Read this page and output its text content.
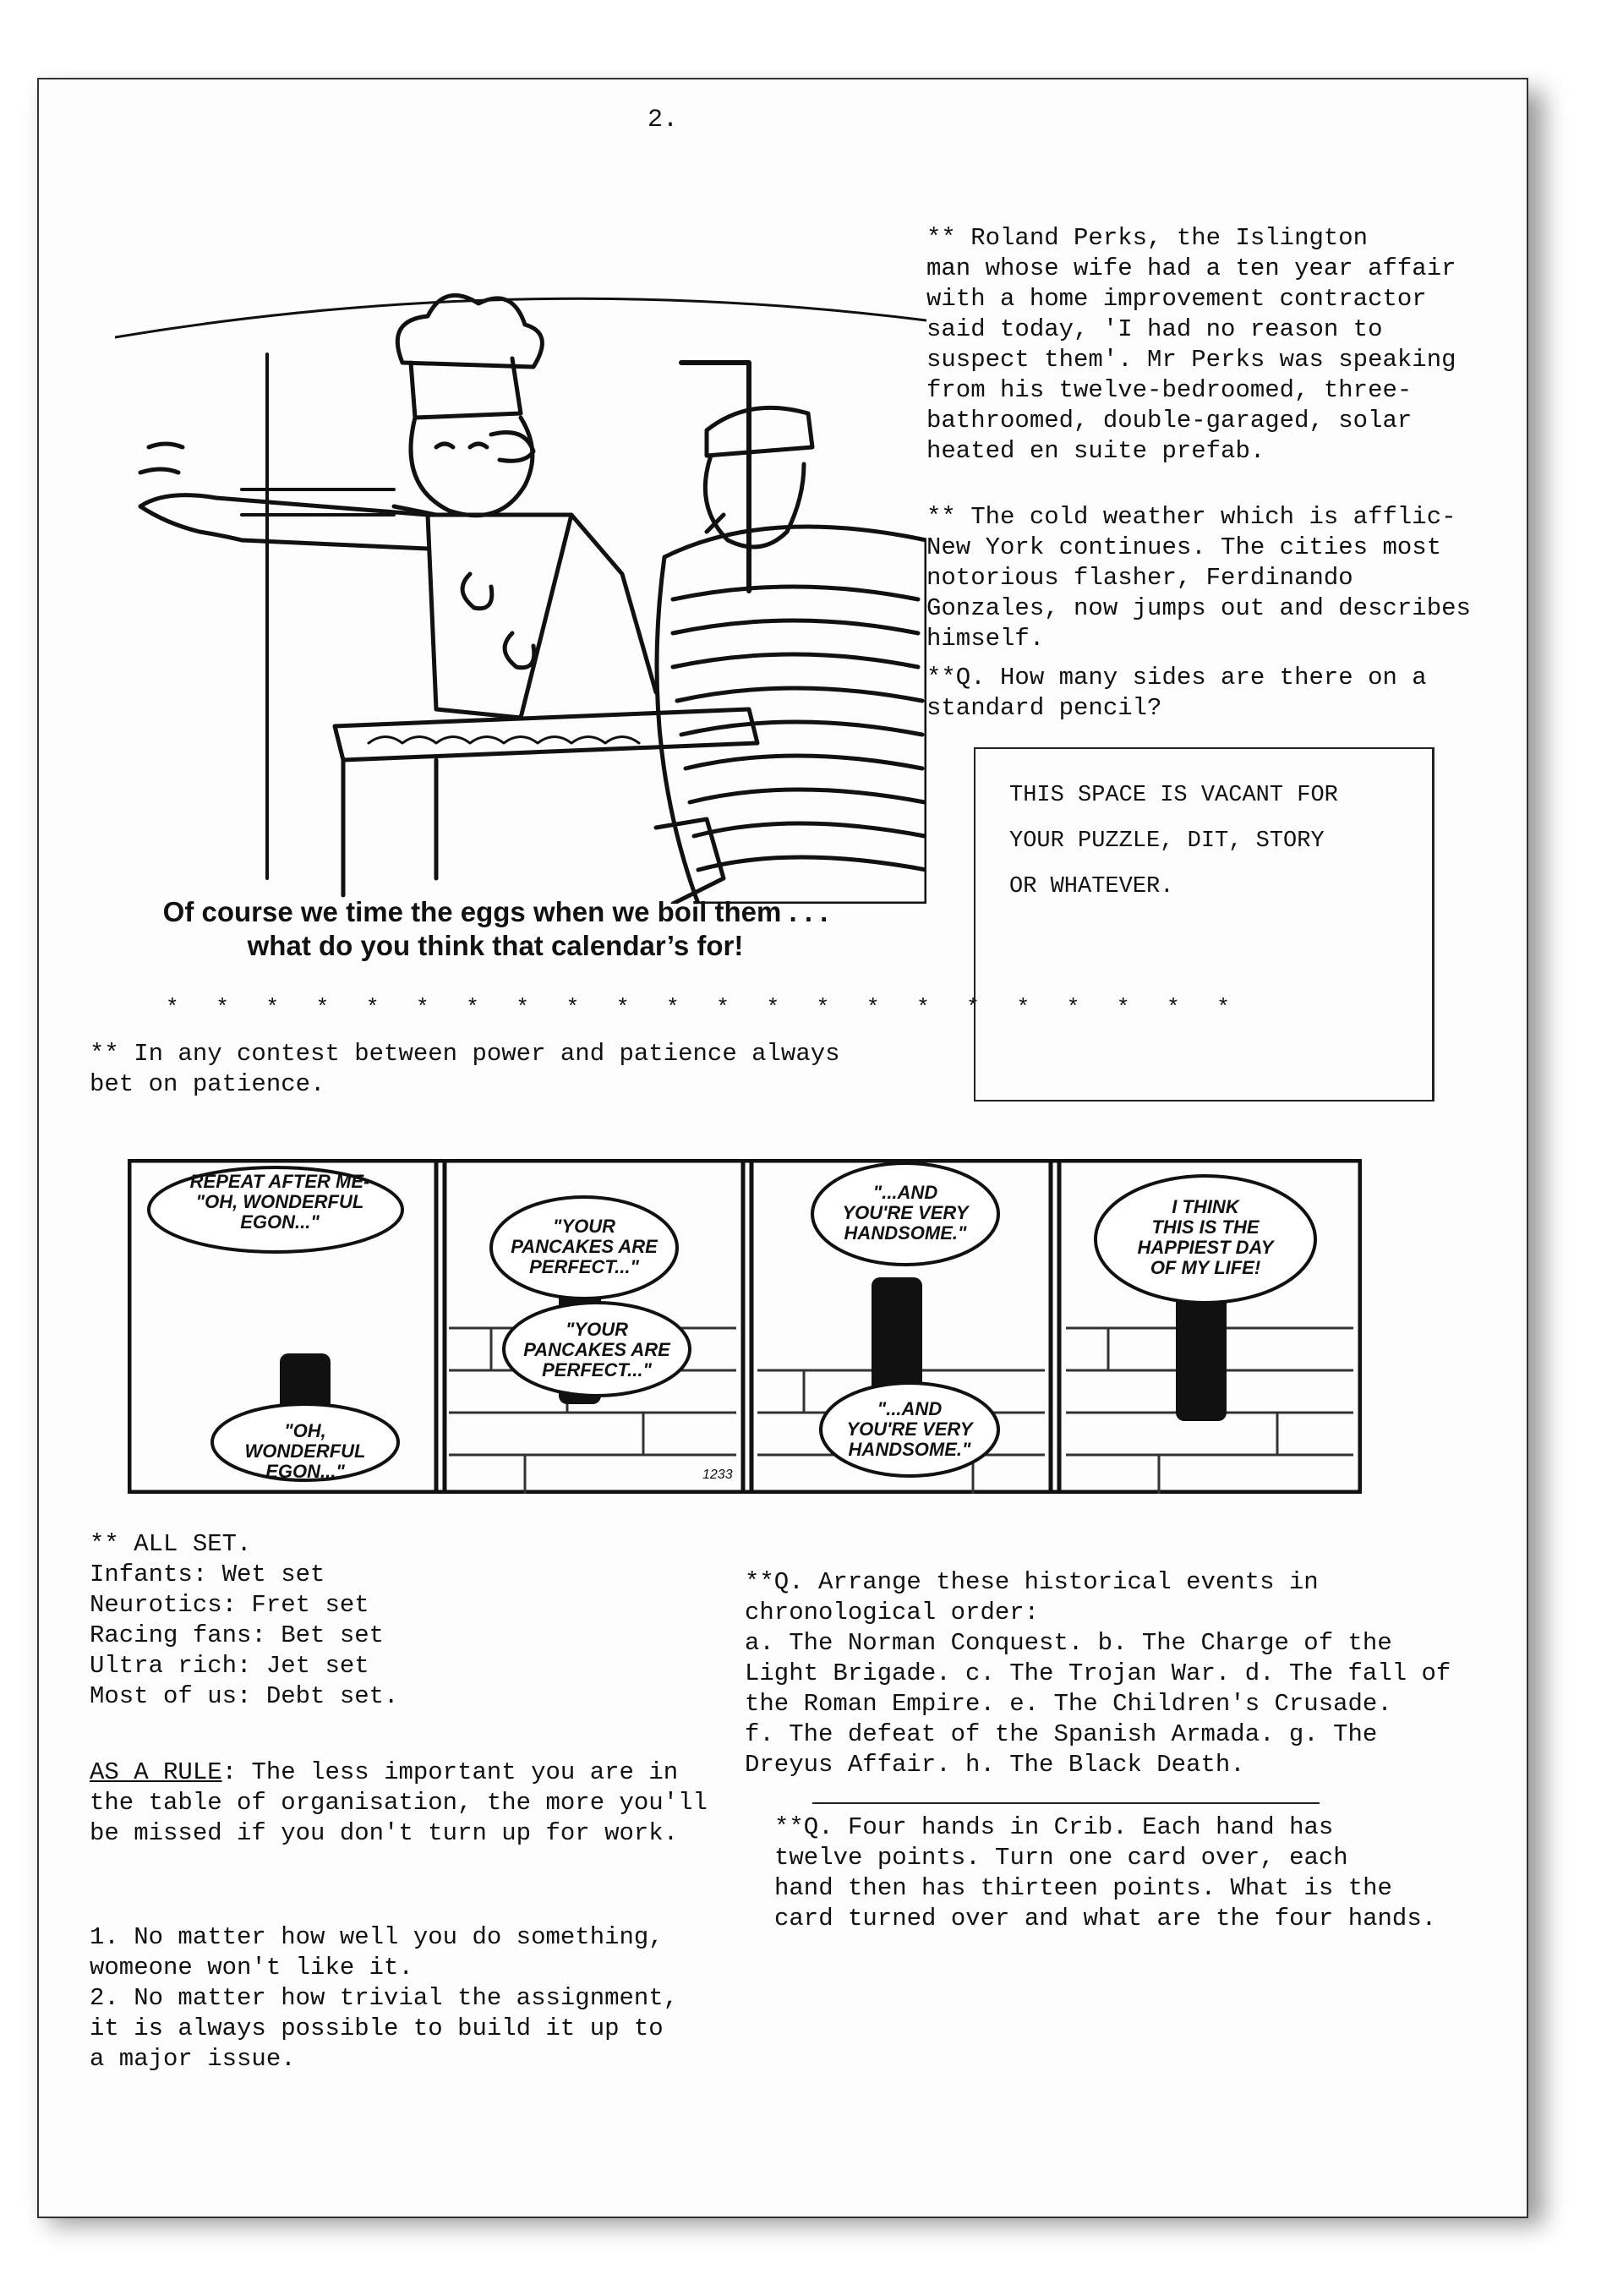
2.
Of course we time the eggs when we boil them . . .
what do you think that calendar’s for!
* * * * * * * * * * * * * * * * * * * * * *
** Roland Perks, the Islington
man whose wife had a ten year affair
with a home improvement contractor
said today, 'I had no reason to
suspect them'. Mr Perks was speaking
from his twelve-bedroomed, three-
bathroomed, double-garaged, solar
heated en suite prefab.
** The cold weather which is afflic-
New York continues. The cities most
notorious flasher, Ferdinando
Gonzales, now jumps out and describes
himself.
**Q. How many sides are there on a
standard pencil?
THIS SPACE IS VACANT FOR
YOUR PUZZLE, DIT, STORY
OR WHATEVER.
** In any contest between power and patience always
bet on patience.
REPEAT AFTER ME-
"OH, WONDERFUL
EGON..."
"OH, WONDERFUL
EGON..."
"YOUR
PANCAKES ARE
PERFECT..."
"YOUR
PANCAKES ARE
PERFECT..."
"...AND
YOU'RE VERY
HANDSOME."
"...AND
YOU'RE VERY
HANDSOME."
I THINK
THIS IS THE
HAPPIEST DAY
OF MY LIFE!
1233
** ALL SET.
Infants: Wet set
Neurotics: Fret set
Racing fans: Bet set
Ultra rich: Jet set
Most of us: Debt set.
AS A RULE: The less important you are in
the table of organisation, the more you'll
be missed if you don't turn up for work.
1. No matter how well you do something,
womeone won't like it.
2. No matter how trivial the assignment,
it is always possible to build it up to
a major issue.
**Q. Arrange these historical events in
chronological order:
a. The Norman Conquest. b. The Charge of the
Light Brigade. c. The Trojan War. d. The fall of
the Roman Empire. e. The Children's Crusade.
f. The defeat of the Spanish Armada. g. The
Dreyus Affair. h. The Black Death.
**Q. Four hands in Crib. Each hand has
twelve points. Turn one card over, each
hand then has thirteen points. What is the
card turned over and what are the four hands.
